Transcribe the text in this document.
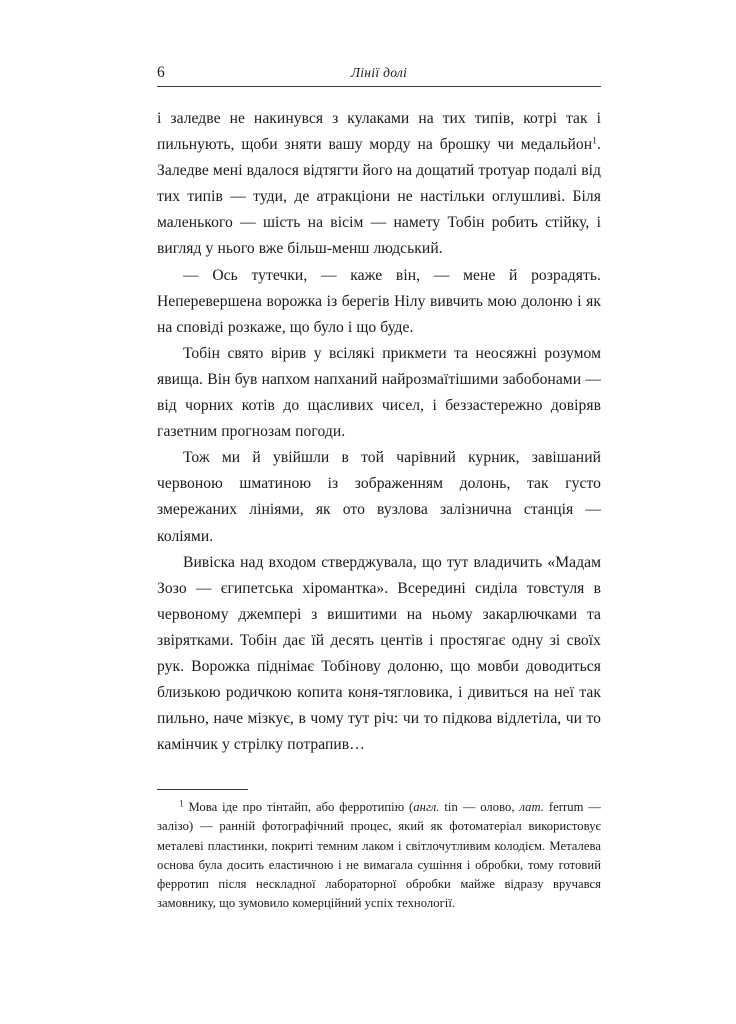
6	Лінії долі

і заледве не накинувся з кулаками на тих типів, котрі так і пильнують, щоби зняти вашу морду на брошку чи медальйон$^1$. Заледве мені вдалося відтягти його на дощатий тротуар подалі від тих типів — туди, де атракціони не настільки оглушливі. Біля маленького — шість на вісім — намету Тобін робить стійку, і вигляд у нього вже більш-менш людський.

— Ось тутечки, — каже він, — мене й розрадять. Неперевершена ворожка із берегів Нілу вивчить мою долоню і як на сповіді розкаже, що було і що буде.

Тобін свято вірив у всілякі прикмети та неосяжні розумом явища. Він був напхом напханий найрозмаїтішими забобонами — від чорних котів до щасливих чисел, і беззастережно довіряв газетним прогнозам погоди.

Тож ми й увійшли в той чарівний курник, завішаний червоною шматиною із зображенням долонь, так густо змережаних лініями, як ото вузлова залізнична станція — коліями.

Вивіска над входом стверджувала, що тут владичить «Мадам Зозо — єгипетська хіромантка». Всередині сиділа товстуля в червоному джемпері з вишитими на ньому закарлючками та звірятками. Тобін дає їй десять центів і простягає одну зі своїх рук. Ворожка піднімає Тобінову долоню, що мовби доводиться близькою родичкою копита коня-тягловика, і дивиться на неї так пильно, наче мізкує, в чому тут річ: чи то підкова відлетіла, чи то камінчик у стрілку потрапив…

$^1$ Мова іде про тінтайп, або ферротипію (англ. tin — олово, лат. ferrum — залізо) — ранній фотографічний процес, який як фотоматеріал використовує металеві пластинки, покриті темним лаком і світлочутливим колодієм. Металева основа була досить еластичною і не вимагала сушіння і обробки, тому готовий ферротип після нескладної лабораторної обробки майже відразу вручався замовнику, що зумовило комерційний успіх технології.
